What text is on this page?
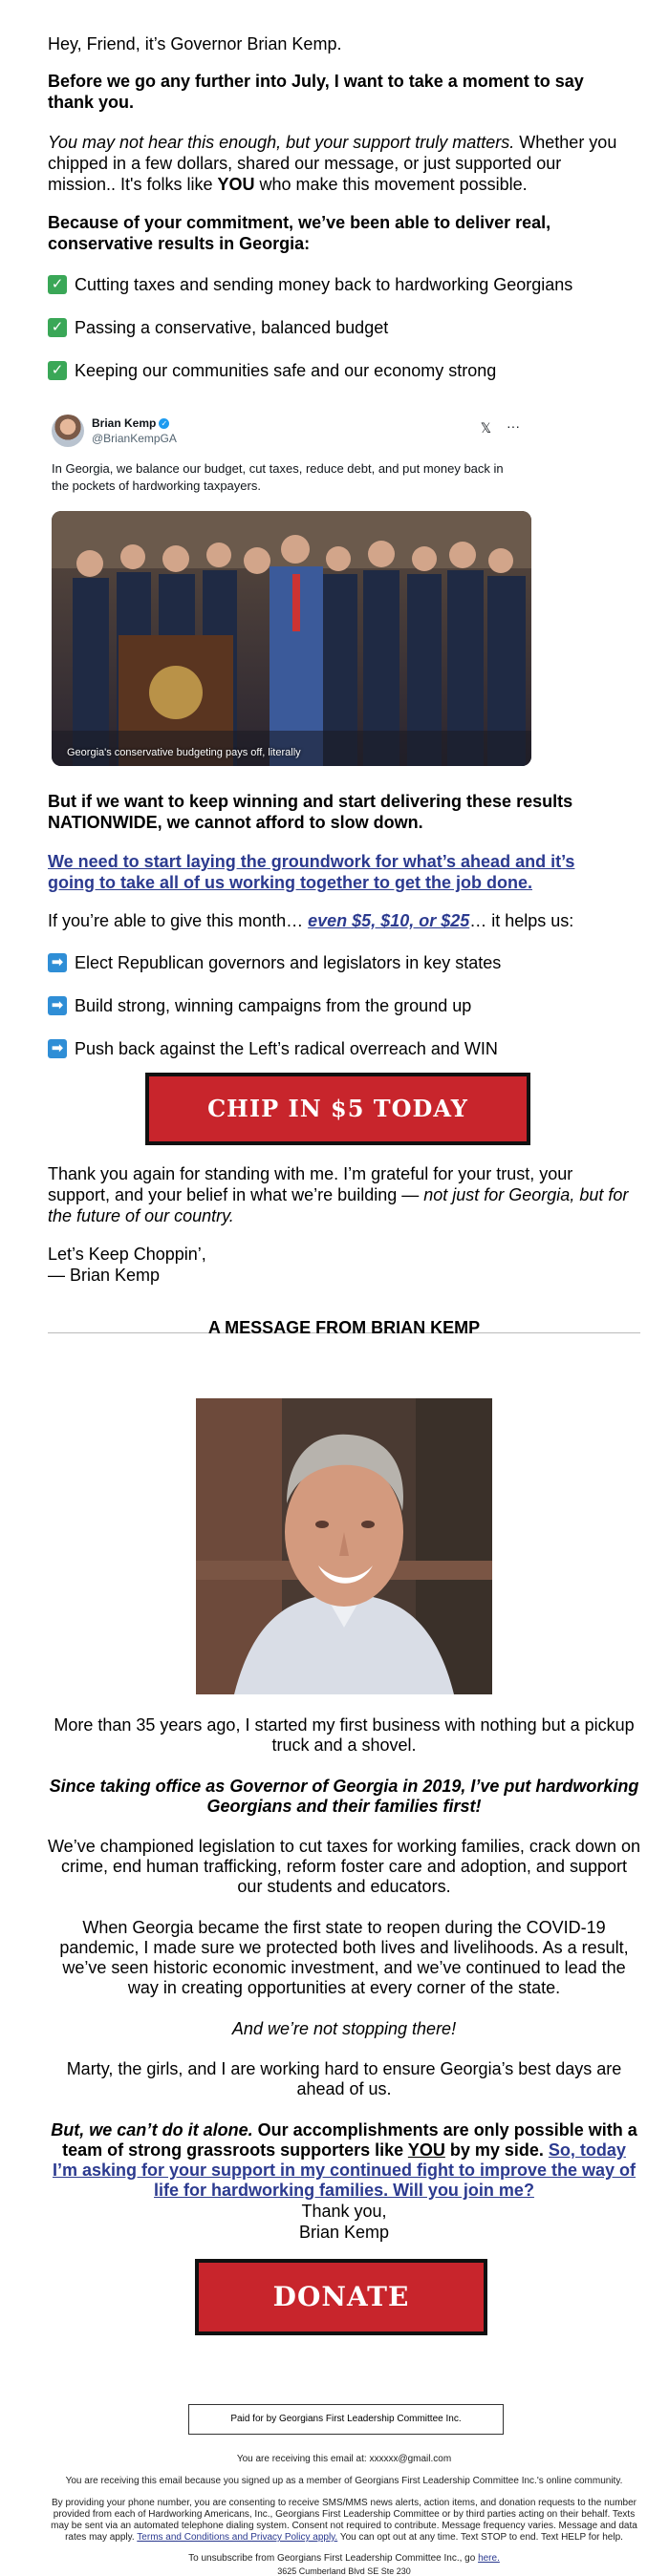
Hey, Friend, it’s Governor Brian Kemp.

Before we go any further into July, I want to take a moment to say thank you.

You may not hear this enough, but your support truly matters. Whether you chipped in a few dollars, shared our message, or just supported our mission.. It's folks like YOU who make this movement possible.

Because of your commitment, we’ve been able to deliver real, conservative results in Georgia:

✓ Cutting taxes and sending money back to hardworking Georgians
✓ Passing a conservative, balanced budget
✓ Keeping our communities safe and our economy strong
Brian Kemp ✓
@BrianKempGA
𝕏 ···
In Georgia, we balance our budget, cut taxes, reduce debt, and put money back in the pockets of hardworking taxpayers.
Georgia's conservative budgeting pays off, literally

But if we want to keep winning and start delivering these results NATIONWIDE, we cannot afford to slow down.

We need to start laying the groundwork for what’s ahead and it’s going to take all of us working together to get the job done.

If you’re able to give this month… even $5, $10, or $25… it helps us:

➡ Elect Republican governors and legislators in key states
➡ Build strong, winning campaigns from the ground up
➡ Push back against the Left’s radical overreach and WIN
CHIP IN $5 TODAY

Thank you again for standing with me. I’m grateful for your trust, your support, and your belief in what we’re building — not just for Georgia, but for the future of our country.

Let’s Keep Choppin’,

— Brian Kemp

A MESSAGE FROM BRIAN KEMP
More than 35 years ago, I started my first business with nothing but a pickup truck and a shovel.
Since taking office as Governor of Georgia in 2019, I’ve put hardworking Georgians and their families first!
We’ve championed legislation to cut taxes for working families, crack down on crime, end human trafficking, reform foster care and adoption, and support our students and educators.
When Georgia became the first state to reopen during the COVID-19 pandemic, I made sure we protected both lives and livelihoods. As a result, we’ve seen historic economic investment, and we’ve continued to lead the way in creating opportunities at every corner of the state.
And we’re not stopping there!
Marty, the girls, and I are working hard to ensure Georgia’s best days are ahead of us.
But, we can’t do it alone. Our accomplishments are only possible with a team of strong grassroots supporters like YOU by my side. So, today I’m asking for your support in my continued fight to improve the way of life for hardworking families. Will you join me?
Thank you,
Brian Kemp
DONATE
Paid for by Georgians First Leadership Committee Inc.
You are receiving this email at: xxxxxx@gmail.com
You are receiving this email because you signed up as a member of Georgians First Leadership Committee Inc.'s online community.
By providing your phone number, you are consenting to receive SMS/MMS news alerts, action items, and donation requests to the number provided from each of Hardworking Americans, Inc., Georgians First Leadership Committee or by third parties acting on their behalf. Texts may be sent via an automated telephone dialing system. Consent not required to contribute. Message frequency varies. Message and data rates may apply. Terms and Conditions and Privacy Policy apply. You can opt out at any time. Text STOP to end. Text HELP for help.
To unsubscribe from Georgians First Leadership Committee Inc., go here.
3625 Cumberland Blvd SE Ste 230
